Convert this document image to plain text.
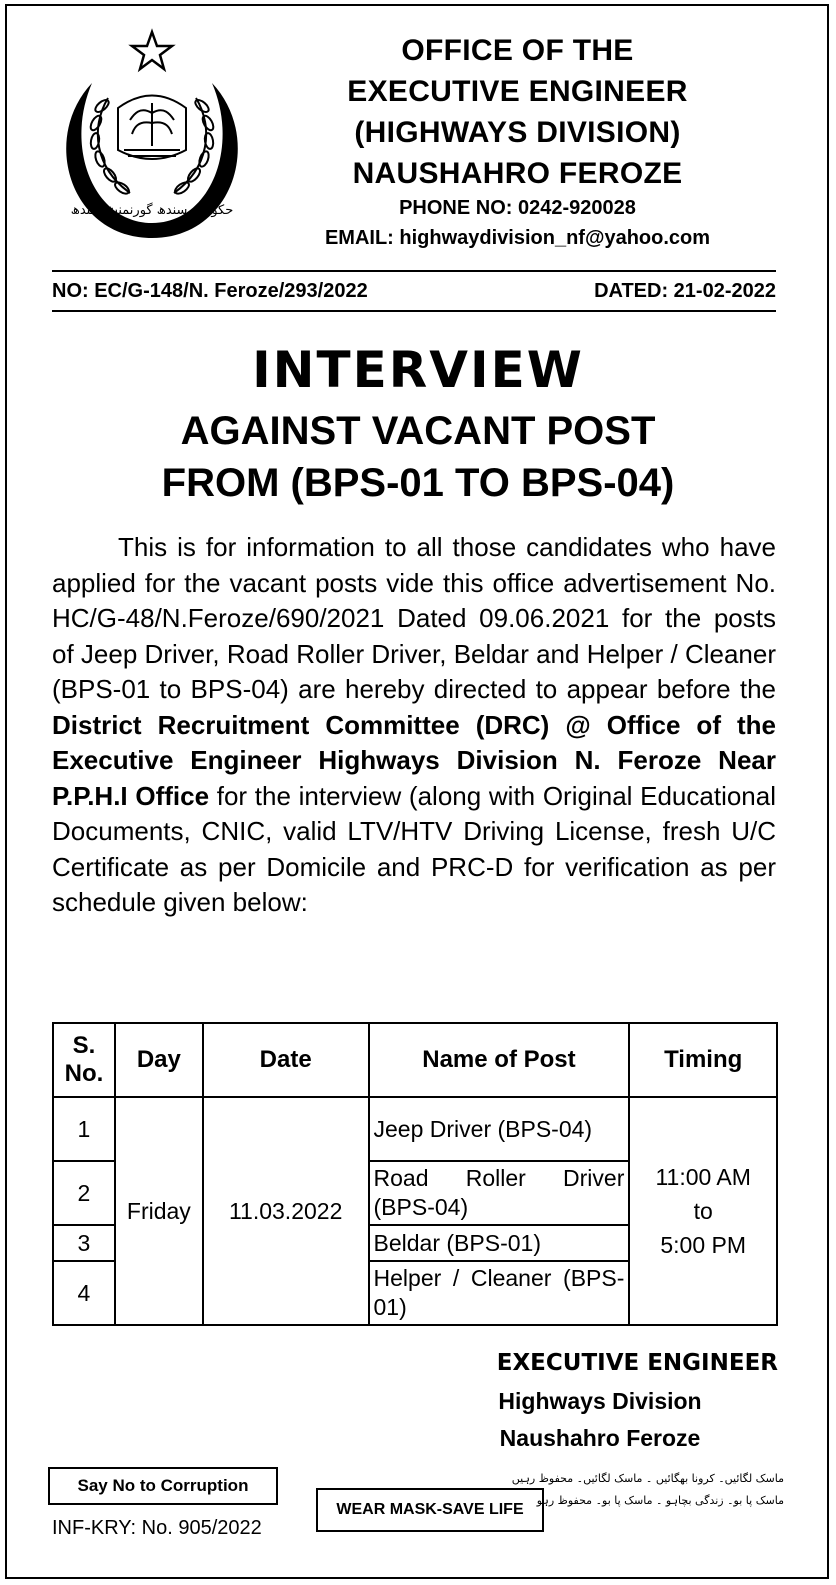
حکومت سندھ گورنمنٹ سندھ
OFFICE OF THE
EXECUTIVE ENGINEER
(HIGHWAYS DIVISION)
NAUSHAHRO FEROZE
PHONE NO: 0242-920028
EMAIL: highwaydivision_nf@yahoo.com
NO: EC/G-148/N. Feroze/293/2022	DATED: 21-02-2022
INTERVIEW
AGAINST VACANT POST
FROM (BPS-01 TO BPS-04)

This is for information to all those candidates who have applied for the vacant posts vide this office advertisement No. HC/G-48/N.Feroze/690/2021 Dated 09.06.2021 for the posts of Jeep Driver, Road Roller Driver, Beldar and Helper / Cleaner (BPS-01 to BPS-04) are hereby directed to appear before the District Recruitment Committee (DRC) @ Office of the Executive Engineer Highways Division N. Feroze Near P.P.H.I Office for the interview (along with Original Educational Documents, CNIC, valid LTV/HTV Driving License, fresh U/C Certificate as per Domicile and PRC-D for verification as per schedule given below:

S. No.	Day	Date	Name of Post	Timing
1	Friday	11.03.2022	Jeep Driver (BPS-04)	11:00 AM
to
5:00 PM

2			Road Roller Driver (BPS-04)	
3			Beldar (BPS-01)	
4			Helper / Cleaner (BPS-01)	
EXECUTIVE ENGINEER
Highways Division
Naushahro Feroze
Say No to Corruption
INF-KRY: No. 905/2022
WEAR MASK-SAVE LIFE
ماسک لگائیں۔ کرونا بھگائیں ۔ ماسک لگائیں۔ محفوظ رہیں
ماسک پا بو۔ زندگی بچاہو ۔ ماسک پا بو۔ محفوظ رہو
